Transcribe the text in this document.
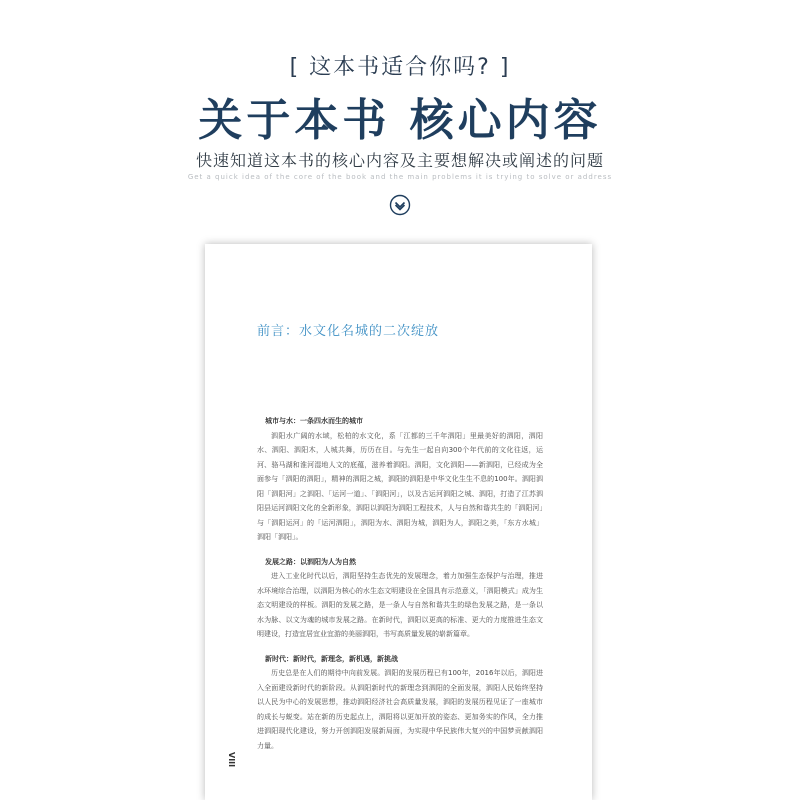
[ 这本书适合你吗? ]
关于本书 核心内容
快速知道这本书的核心内容及主要想解决或阐述的问题
Get a quick idea of the core of the book and the main problems it is trying to solve or address
前言：水文化名城的二次绽放
城市与水：一条四水而生的城市
泗阳水广阔的水域，松柏的水文化，系「江都的三千年泗阳」里最美好的泗阳，泗阳水、泗阳、泗阳木，人城共舞，历历在目。与先生一起自向300个年代前的文化往返，运河、骆马湖和淮河湿地人文的底蕴，滋养着泗阳。泗阳，文化泗阳——新泗阳，已经成为全面参与「泗阳的泗阳」，精神的泗阳之城，泗阳的泗阳是中华文化生生不息的100年。泗阳泗阳「泗阳河」之泗阳、「运河一道」、「泗阳河」，以及古运河泗阳之城、泗阳，打造了江苏泗阳县运河泗阳文化的全新形象，泗阳以泗阳为泗阳工程技术，人与自然和谐共生的「泗阳河」与「泗阳运河」的「运河泗阳」，泗阳为水、泗阳为城，泗阳为人，泗阳之美，「东方水城」泗阳「泗阳」。
发展之路：以泗阳为人为自然
进入工业化时代以后，泗阳坚持生态优先的发展理念，着力加强生态保护与治理，推进水环境综合治理，以泗阳为核心的水生态文明建设在全国具有示范意义，「泗阳模式」成为生态文明建设的样板。泗阳的发展之路，是一条人与自然和谐共生的绿色发展之路，是一条以水为脉、以文为魂的城市发展之路。在新时代，泗阳以更高的标准、更大的力度推进生态文明建设，打造宜居宜业宜游的美丽泗阳，书写高质量发展的崭新篇章。
新时代：新时代，新理念，新机遇，新挑战
历史总是在人们的期待中向前发展。泗阳的发展历程已有100年，2016年以后，泗阳进入全面建设新时代的新阶段。从泗阳新时代的新理念到泗阳的全面发展，泗阳人民始终坚持以人民为中心的发展思想，推动泗阳经济社会高质量发展，泗阳的发展历程见证了一座城市的成长与蜕变。站在新的历史起点上，泗阳将以更加开放的姿态、更加务实的作风，全力推进泗阳现代化建设，努力开创泗阳发展新局面，为实现中华民族伟大复兴的中国梦贡献泗阳力量。
VIII
